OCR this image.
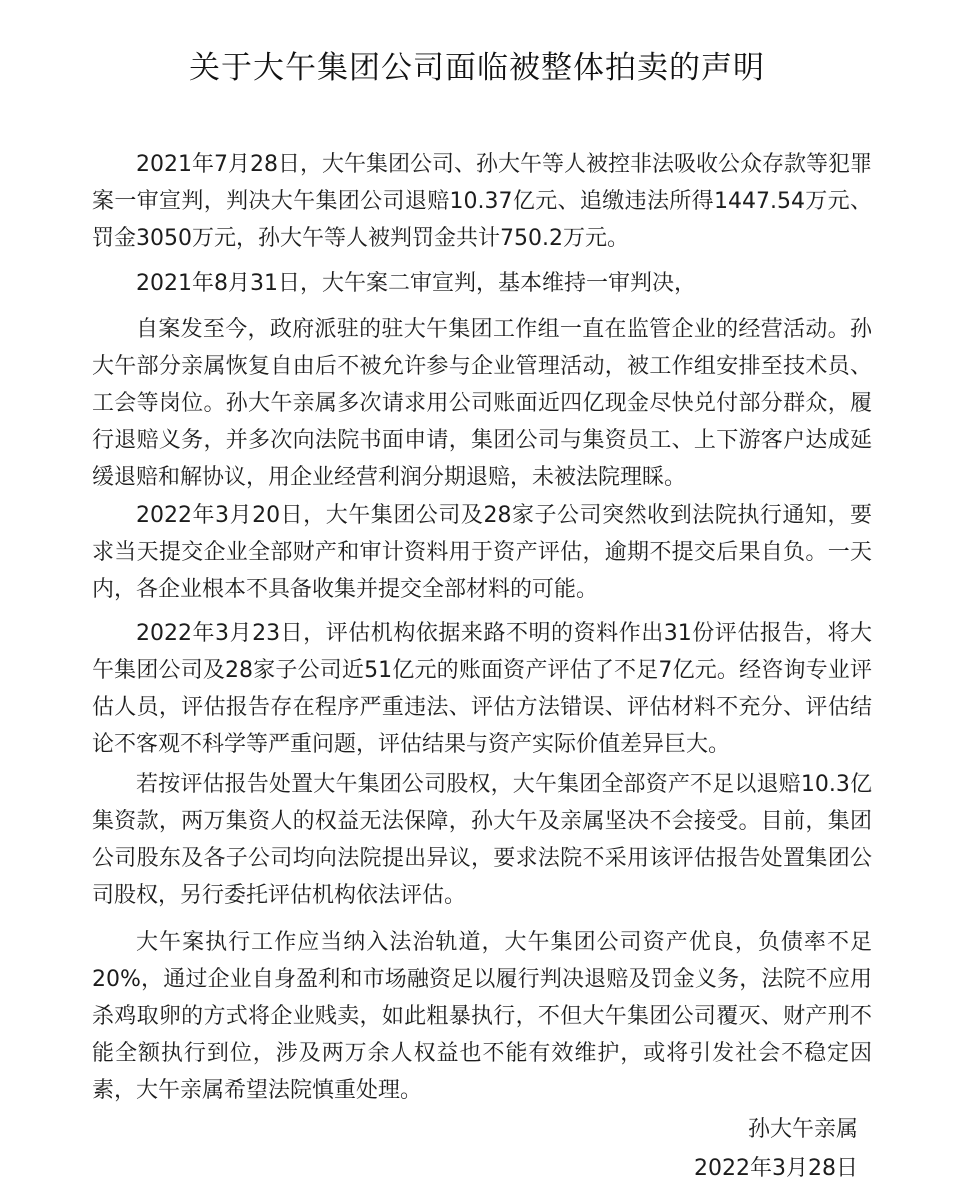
关于大午集团公司面临被整体拍卖的声明

2021年7月28日，大午集团公司、孙大午等人被控非法吸收公众存款等犯罪案一审宣判，判决大午集团公司退赔10.37亿元、追缴违法所得1447.54万元、罚金3050万元，孙大午等人被判罚金共计750.2万元。

2021年8月31日，大午案二审宣判，基本维持一审判决，

自案发至今，政府派驻的驻大午集团工作组一直在监管企业的经营活动。孙大午部分亲属恢复自由后不被允许参与企业管理活动，被工作组安排至技术员、工会等岗位。孙大午亲属多次请求用公司账面近四亿现金尽快兑付部分群众，履行退赔义务，并多次向法院书面申请，集团公司与集资员工、上下游客户达成延缓退赔和解协议，用企业经营利润分期退赔，未被法院理睬。

2022年3月20日，大午集团公司及28家子公司突然收到法院执行通知，要求当天提交企业全部财产和审计资料用于资产评估，逾期不提交后果自负。一天内，各企业根本不具备收集并提交全部材料的可能。

2022年3月23日，评估机构依据来路不明的资料作出31份评估报告，将大午集团公司及28家子公司近51亿元的账面资产评估了不足7亿元。经咨询专业评估人员，评估报告存在程序严重违法、评估方法错误、评估材料不充分、评估结论不客观不科学等严重问题，评估结果与资产实际价值差异巨大。

若按评估报告处置大午集团公司股权，大午集团全部资产不足以退赔10.3亿集资款，两万集资人的权益无法保障，孙大午及亲属坚决不会接受。目前，集团公司股东及各子公司均向法院提出异议，要求法院不采用该评估报告处置集团公司股权，另行委托评估机构依法评估。

大午案执行工作应当纳入法治轨道，大午集团公司资产优良，负债率不足20%，通过企业自身盈利和市场融资足以履行判决退赔及罚金义务，法院不应用杀鸡取卵的方式将企业贱卖，如此粗暴执行，不但大午集团公司覆灭、财产刑不能全额执行到位，涉及两万余人权益也不能有效维护，或将引发社会不稳定因素，大午亲属希望法院慎重处理。

孙大午亲属
2022年3月28日
